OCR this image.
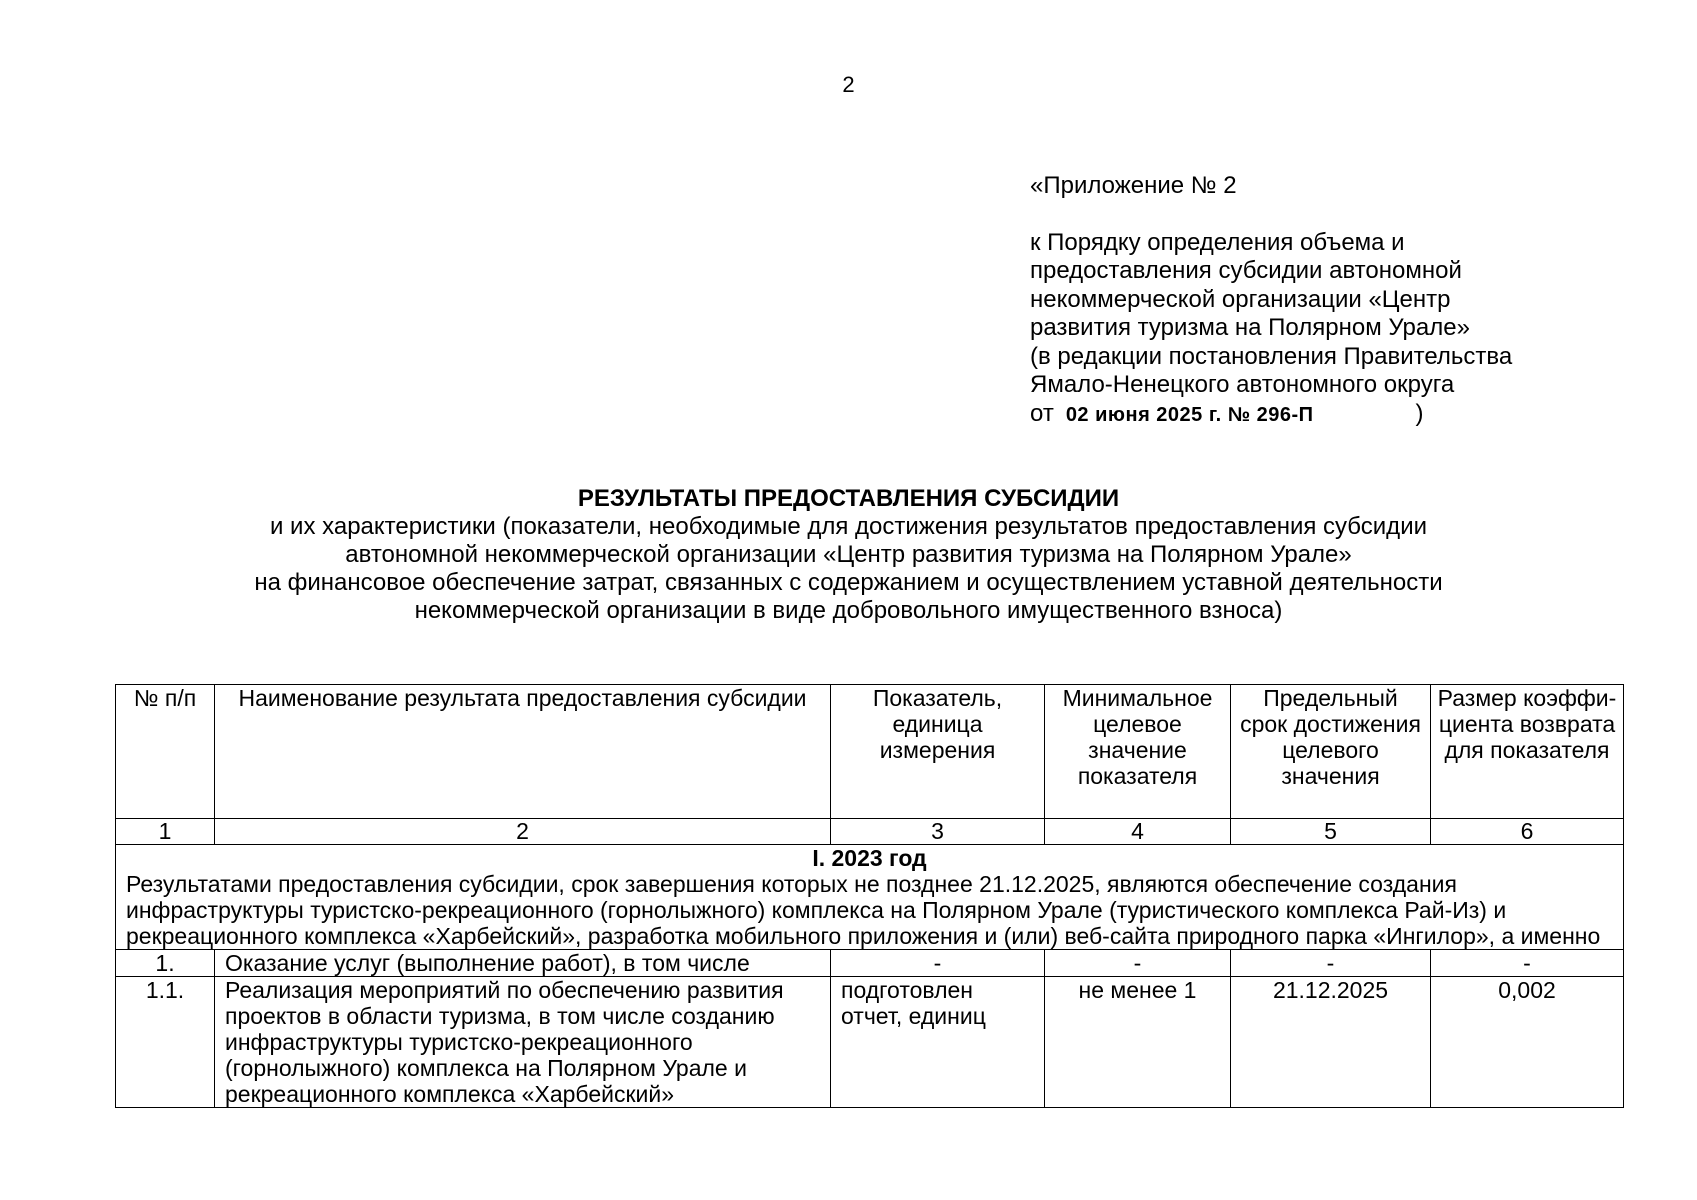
2
«Приложение № 2
к Порядку определения объема и
предоставления субсидии автономной
некоммерческой организации «Центр
развития туризма на Полярном Урале»
(в редакции постановления Правительства
Ямало-Ненецкого автономного округа
от 02 июня 2025 г. № 296-П	)
РЕЗУЛЬТАТЫ ПРЕДОСТАВЛЕНИЯ СУБСИДИИ
и их характеристики (показатели, необходимые для достижения результатов предоставления субсидии
автономной некоммерческой организации «Центр развития туризма на Полярном Урале»
на финансовое обеспечение затрат, связанных с содержанием и осуществлением уставной деятельности
некоммерческой организации в виде добровольного имущественного взноса)
№ п/п	Наименование результата предоставления субсидии	Показатель, единица измерения	Минимальное целевое значение показателя	Предельный срок достижения целевого значения	Размер коэффи-циента возврата для показателя
1	2	3	4	5	6

I. 2023 год
Результатами предоставления субсидии, срок завершения которых не позднее 21.12.2025, являются обеспечение создания инфраструктуры туристско-рекреационного (горнолыжного) комплекса на Полярном Урале (туристического комплекса Рай-Из) и рекреационного комплекса «Харбейский», разработка мобильного приложения и (или) веб-сайта природного парка «Ингилор», а именно					
1.	Оказание услуг (выполнение работ), в том числе	-	-	-	-
1.1.	Реализация мероприятий по обеспечению развития проектов в области туризма, в том числе созданию инфраструктуры туристско-рекреационного (горнолыжного) комплекса на Полярном Урале и рекреационного комплекса «Харбейский»	подготовлен отчет, единиц	не менее 1	21.12.2025	0,002
